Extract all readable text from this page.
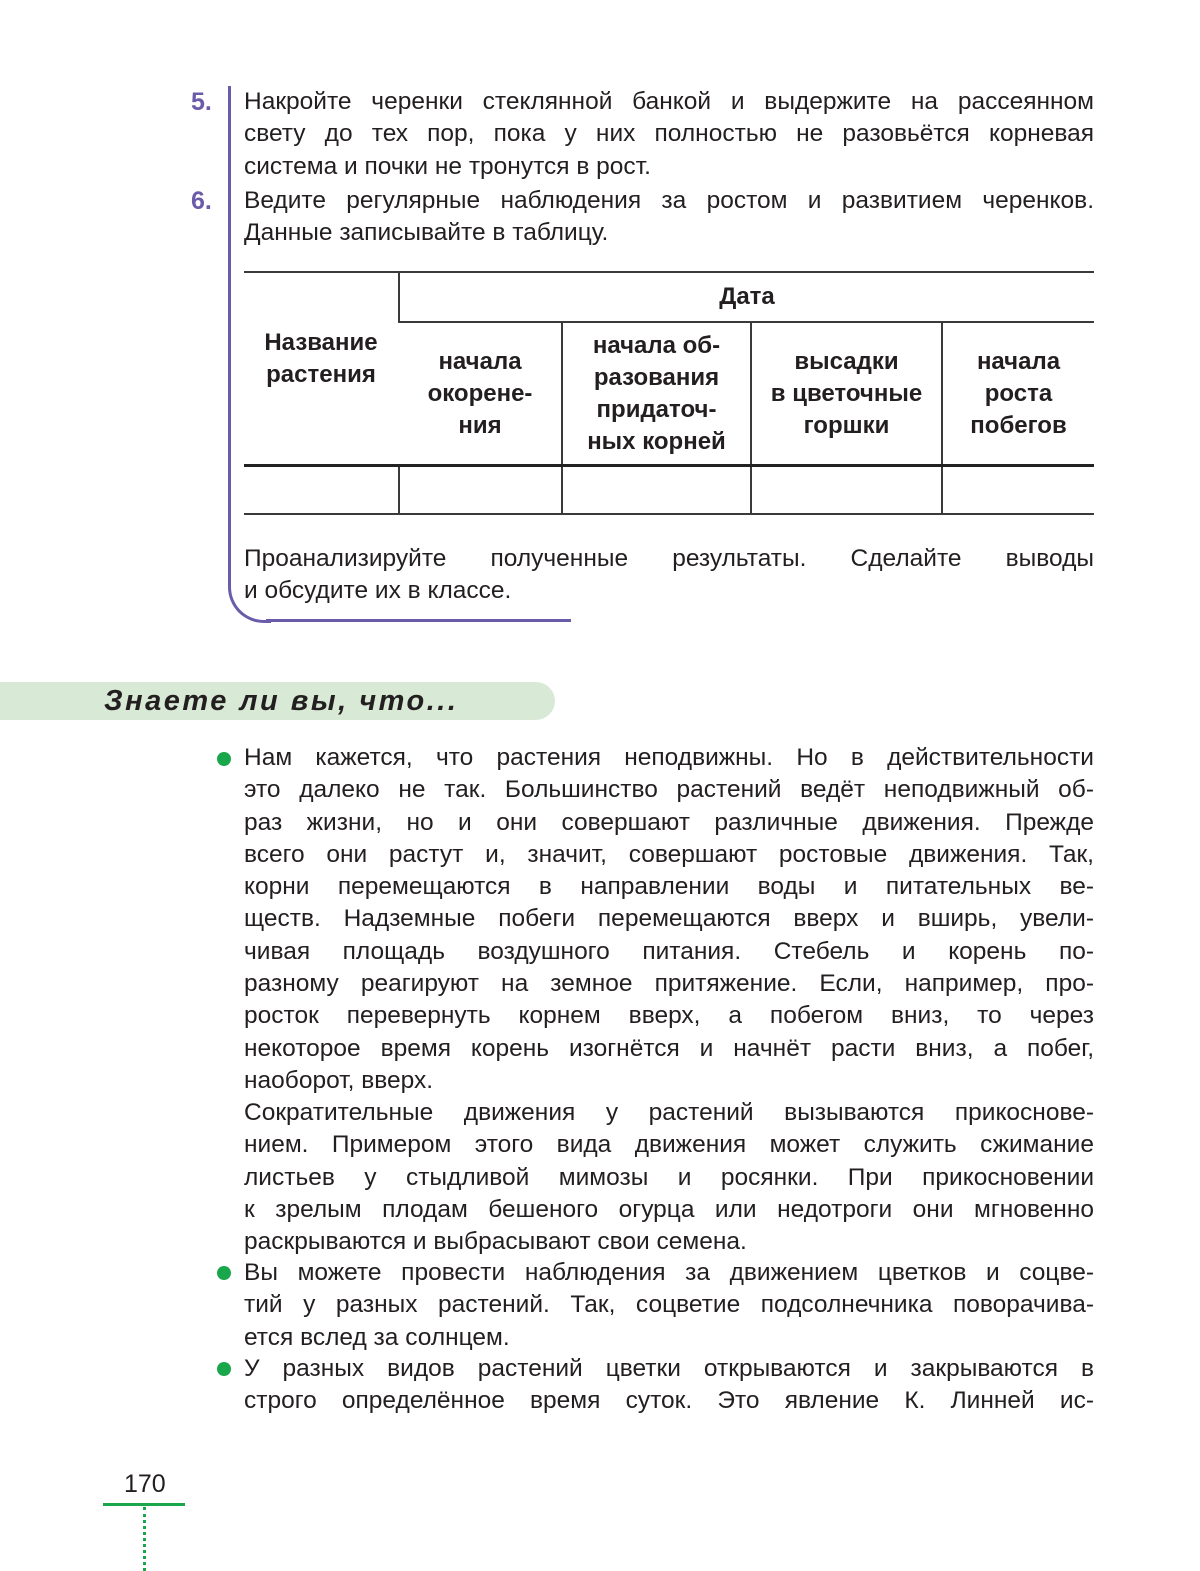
5. Накройте черенки стеклянной банкой и выдержите на рассеянном
свету до тех пор, пока у них полностью не разовьётся корневая
система и почки не тронутся в рост.
6. Ведите регулярные наблюдения за ростом и развитием черенков.
Данные записывайте в таблицу.
Название
растения
	Дата

начала
окорене-
ния

начала об-
разования
придаточ-
ных корней

высадки
в цветочные
горшки

начала
роста
побегов

Проанализируйте полученные результаты. Сделайте выводы
и обсудите их в классе.
Знаете ли вы, что...
Нам кажется, что растения неподвижны. Но в действительности
это далеко не так. Большинство растений ведёт неподвижный об-
раз жизни, но и они совершают различные движения. Прежде
всего они растут и, значит, совершают ростовые движения. Так,
корни перемещаются в направлении воды и питательных ве-
ществ. Надземные побеги перемещаются вверх и вширь, увели-
чивая площадь воздушного питания. Стебель и корень по-
разному реагируют на земное притяжение. Если, например, про-
росток перевернуть корнем вверх, а побегом вниз, то через
некоторое время корень изогнётся и начнёт расти вниз, а побег,
наоборот, вверх.
Сократительные движения у растений вызываются прикоснове-
нием. Примером этого вида движения может служить сжимание
листьев у стыдливой мимозы и росянки. При прикосновении
к зрелым плодам бешеного огурца или недотроги они мгновенно
раскрываются и выбрасывают свои семена.
Вы можете провести наблюдения за движением цветков и соцве-
тий у разных растений. Так, соцветие подсолнечника поворачива-
ется вслед за солнцем.
У разных видов растений цветки открываются и закрываются в
строго определённое время суток. Это явление К. Линней ис-
170
